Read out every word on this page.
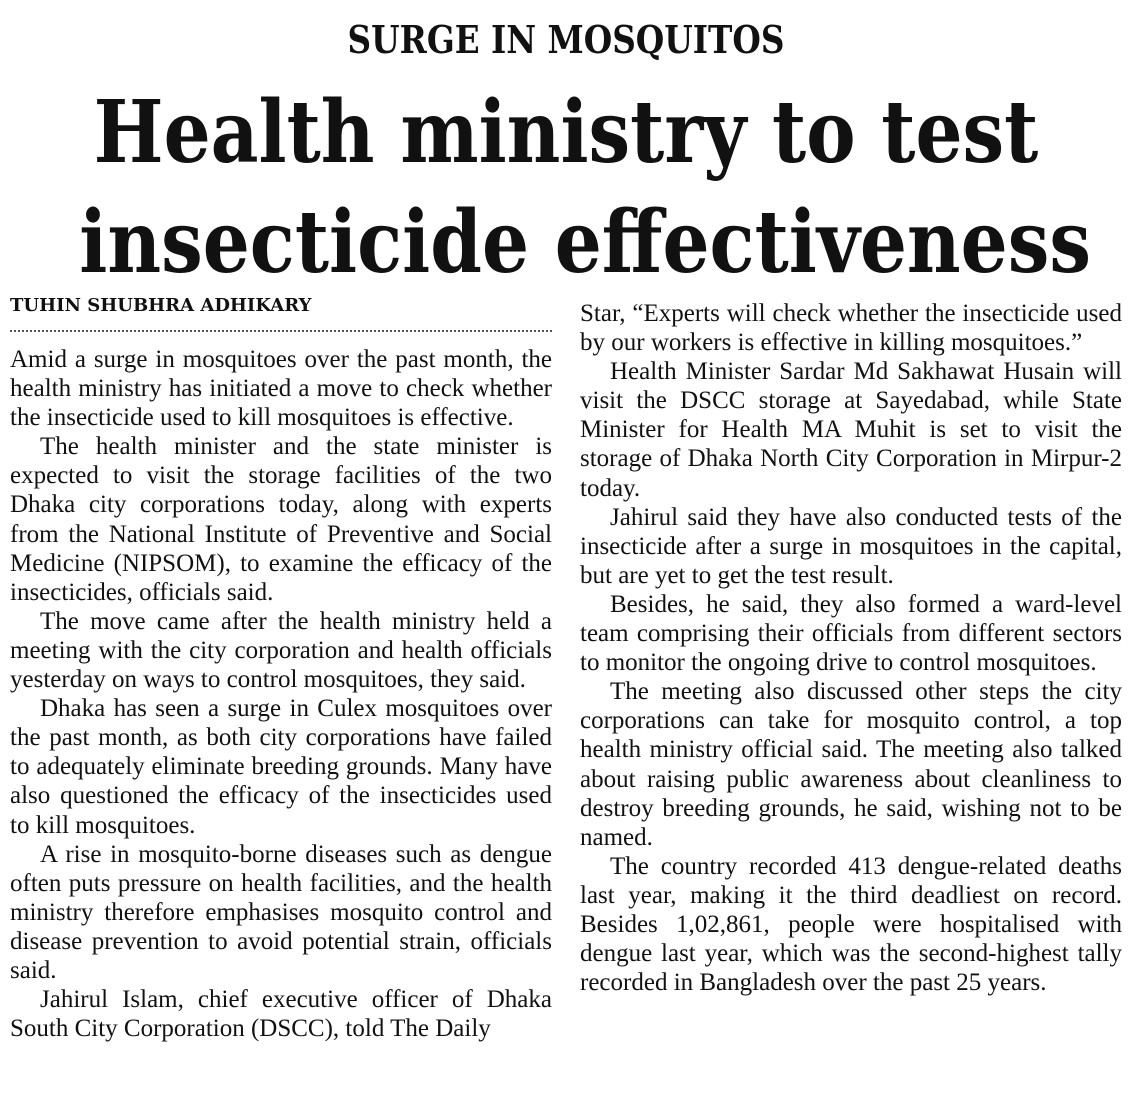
SURGE IN MOSQUITOS
Health ministry to test
insecticide effectiveness
TUHIN SHUBHRA ADHIKARY

Amid a surge in mosquitoes over the past month, the health ministry has initiated a move to check whether the insecticide used to kill mosquitoes is effective.

The health minister and the state minister is expected to visit the storage facilities of the two Dhaka city corporations today, along with experts from the National Institute of Preventive and Social Medicine (NIPSOM), to examine the efficacy of the insecticides, officials said.

The move came after the health ministry held a meeting with the city corporation and health officials yesterday on ways to control mosquitoes, they said.

Dhaka has seen a surge in Culex mosquitoes over the past month, as both city corporations have failed to adequately eliminate breeding grounds. Many have also questioned the efficacy of the insecticides used to kill mosquitoes.

A rise in mosquito-borne diseases such as dengue often puts pressure on health facilities, and the health ministry therefore emphasises mosquito control and disease prevention to avoid potential strain, officials said.

Jahirul Islam, chief executive officer of Dhaka South City Corporation (DSCC), told The Daily

Star, “Experts will check whether the insecticide used by our workers is effective in killing mosquitoes.”

Health Minister Sardar Md Sakhawat Husain will visit the DSCC storage at Sayedabad, while State Minister for Health MA Muhit is set to visit the storage of Dhaka North City Corporation in Mirpur-2 today.

Jahirul said they have also conducted tests of the insecticide after a surge in mosquitoes in the capital, but are yet to get the test result.

Besides, he said, they also formed a ward-level team comprising their officials from different sectors to monitor the ongoing drive to control mosquitoes.

The meeting also discussed other steps the city corporations can take for mosquito control, a top health ministry official said. The meeting also talked about raising public awareness about cleanliness to destroy breeding grounds, he said, wishing not to be named.

The country recorded 413 dengue-related deaths last year, making it the third deadliest on record. Besides 1,02,861, people were hospitalised with dengue last year, which was the second-highest tally recorded in Bangladesh over the past 25 years.
